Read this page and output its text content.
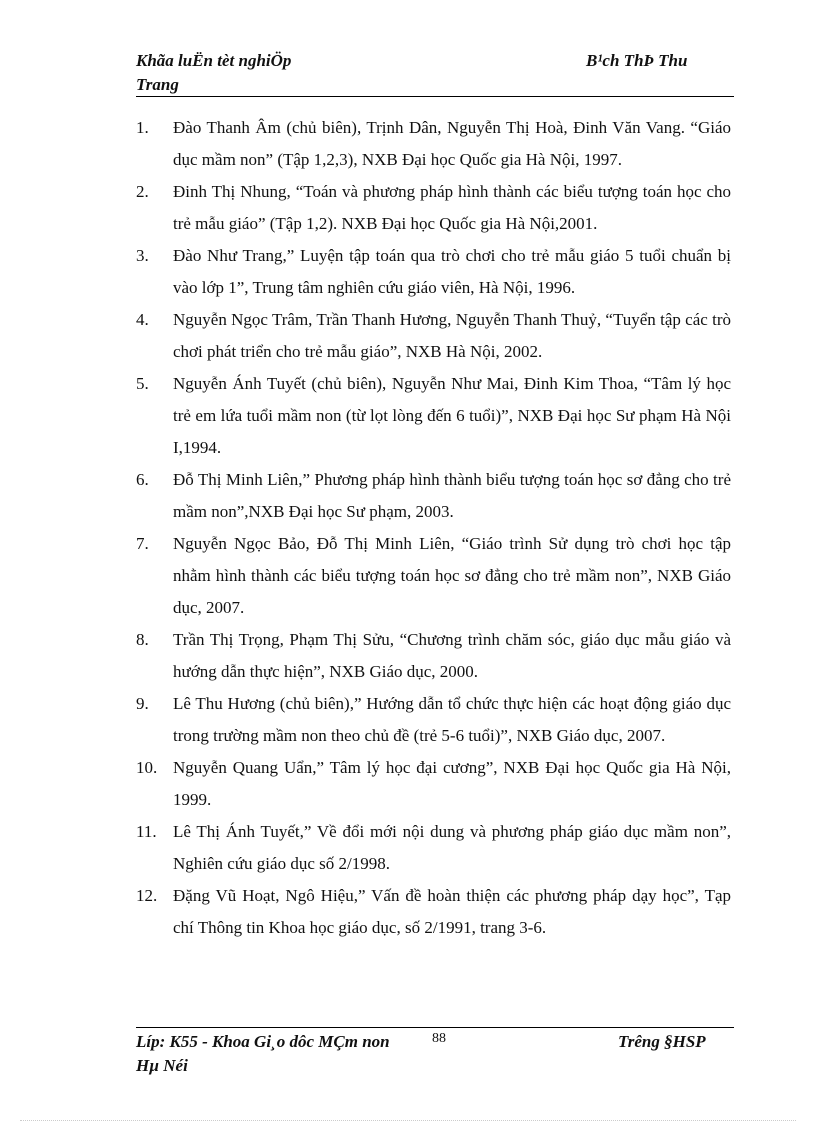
Khãa luËn tèt nghiÖp	B¹ch ThÞ Thu
Trang
1. Đào Thanh Âm (chủ biên), Trịnh Dân, Nguyễn Thị Hoà, Đinh Văn Vang. “Giáo dục mầm non” (Tập 1,2,3), NXB Đại học Quốc gia Hà Nội, 1997.
2. Đinh Thị Nhung, “Toán và phương pháp hình thành các biểu tượng toán học cho trẻ mẫu giáo” (Tập 1,2). NXB Đại học Quốc gia Hà Nội,2001.
3. Đào Như Trang,” Luyện tập toán qua trò chơi cho trẻ mẫu giáo 5 tuổi chuẩn bị vào lớp 1”, Trung tâm nghiên cứu giáo viên, Hà Nội, 1996.
4. Nguyễn Ngọc Trâm, Trần Thanh Hương, Nguyễn Thanh Thuỷ, “Tuyển tập các trò chơi phát triển cho trẻ mẫu giáo”, NXB Hà Nội, 2002.
5. Nguyễn Ánh Tuyết (chủ biên), Nguyễn Như Mai, Đinh Kim Thoa, “Tâm lý học trẻ em lứa tuổi mầm non (từ lọt lòng đến 6 tuổi)”, NXB Đại học Sư phạm Hà Nội I,1994.
6. Đỗ Thị Minh Liên,” Phương pháp hình thành biểu tượng toán học sơ đẳng cho trẻ mầm non”,NXB Đại học Sư phạm, 2003.
7. Nguyễn Ngọc Bảo, Đỗ Thị Minh Liên, “Giáo trình Sử dụng trò chơi học tập nhằm hình thành các biểu tượng toán học sơ đẳng cho trẻ mầm non”, NXB Giáo dục, 2007.
8. Trần Thị Trọng, Phạm Thị Sửu, “Chương trình chăm sóc, giáo dục mẫu giáo và hướng dẫn thực hiện”, NXB Giáo dục, 2000.
9. Lê Thu Hương (chủ biên),” Hướng dẫn tổ chức thực hiện các hoạt động giáo dục trong trường mầm non theo chủ đề (trẻ 5-6 tuổi)”, NXB Giáo dục, 2007.
10. Nguyễn Quang Uẩn,” Tâm lý học đại cương”, NXB Đại học Quốc gia Hà Nội, 1999.
11. Lê Thị Ánh Tuyết,” Về đổi mới nội dung và phương pháp giáo dục mầm non”, Nghiên cứu giáo dục số 2/1998.
12. Đặng Vũ Hoạt, Ngô Hiệu,” Vấn đề hoàn thiện các phương pháp dạy học”, Tạp chí Thông tin Khoa học giáo dục, số 2/1991, trang 3-6.
Líp: K55 - Khoa Gi¸o dôc MÇm non	88	Trêng §HSP
Hµ Néi
